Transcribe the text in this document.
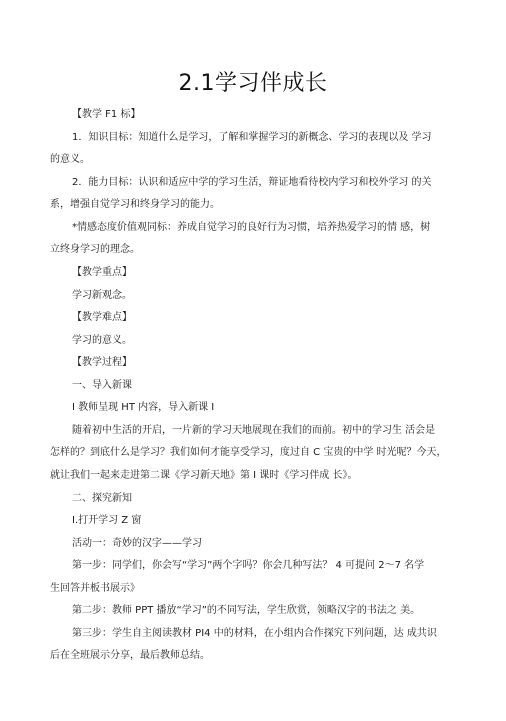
2.1学习伴成长
【教学 F1 标】
1．知识目标：知道什么是学习，了解和掌握学习的新概念、学习的表现以及 学习
的意义。
2．能力目标：认识和适应中学的学习生活，辩证地看待校内学习和校外学习 的关
系，增强自觉学习和终身学习的能力。
*情感态度价值观同标：养成自觉学习的良好行为习惯，培养热爱学习的情 感，树
立终身学习的理念。
【教学重点】
学习新观念。
【教学难点】
学习的意义。
【教学过程】
一、导入新课
I 教师呈现 HT 内容，导入新课 I
随着初中生活的开启，一片新的学习天地展现在我们的而前。初中的学习生 活会是
怎样的？到底什么是学习？我们如何才能享受学习，度过自 C 宝贵的中学 时光呢？今天，
就让我们一起来走进第二课《学习新天地》第 I 课时《学习伴成 长》。
二、探究新知
I.打开学习 Z 窗
活动一：奇妙的汉字——学习
第一步：同学们，你会写“学习”两个字吗？你会几种写法？ 4 可提问 2〜7 名学
生回答并板书展示》
第二步：教师 PPT 播放“学习”的不同写法，学生欣赏，领略汉字的书法之 美。
第三步：学生自主阅读教材 PI4 中的材料，在小组内合作探究下列问题，达 成共识
后在全班展示分享，最后教师总结。
